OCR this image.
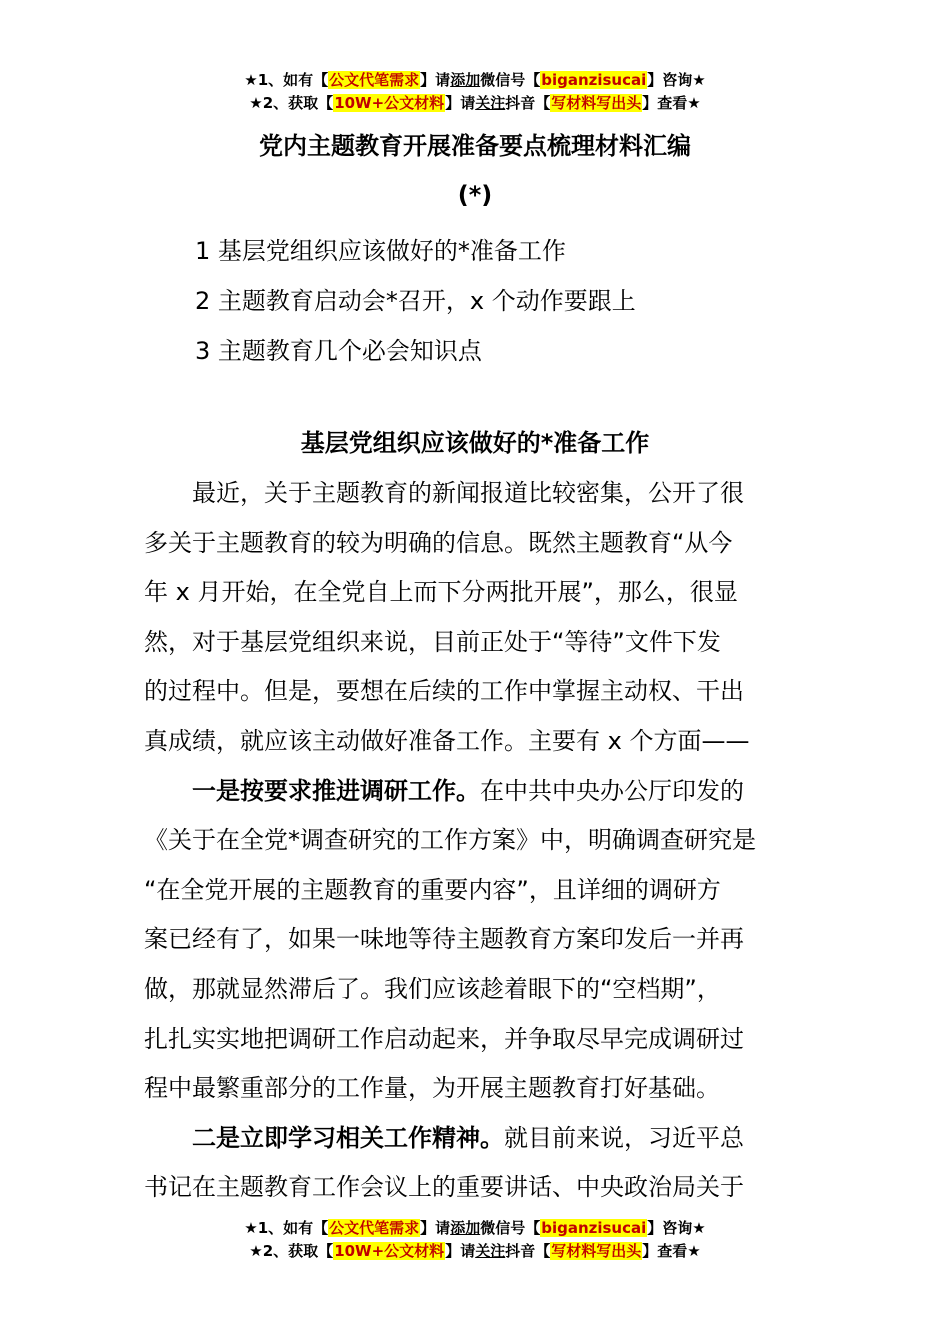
★1、如有【公文代笔需求】请添加微信号【biganzisucai】咨询★
★2、获取【10W+公文材料】请关注抖音【写材料写出头】查看★
党内主题教育开展准备要点梳理材料汇编
(*)
1 基层党组织应该做好的*准备工作
2 主题教育启动会*召开，x 个动作要跟上
3 主题教育几个必会知识点
基层党组织应该做好的*准备工作
　　最近，关于主题教育的新闻报道比较密集，公开了很
多关于主题教育的较为明确的信息。既然主题教育“从今
年 x 月开始，在全党自上而下分两批开展”，那么，很显
然，对于基层党组织来说，目前正处于“等待”文件下发
的过程中。但是，要想在后续的工作中掌握主动权、干出
真成绩，就应该主动做好准备工作。主要有 x 个方面——
　　一是按要求推进调研工作。在中共中央办公厅印发的
《关于在全党*调查研究的工作方案》中，明确调查研究是
“在全党开展的主题教育的重要内容”，且详细的调研方
案已经有了，如果一味地等待主题教育方案印发后一并再
做，那就显然滞后了。我们应该趁着眼下的“空档期”，
扎扎实实地把调研工作启动起来，并争取尽早完成调研过
程中最繁重部分的工作量，为开展主题教育打好基础。
　　二是立即学习相关工作精神。就目前来说，习近平总
书记在主题教育工作会议上的重要讲话、中央政治局关于
★1、如有【公文代笔需求】请添加微信号【biganzisucai】咨询★
★2、获取【10W+公文材料】请关注抖音【写材料写出头】查看★
